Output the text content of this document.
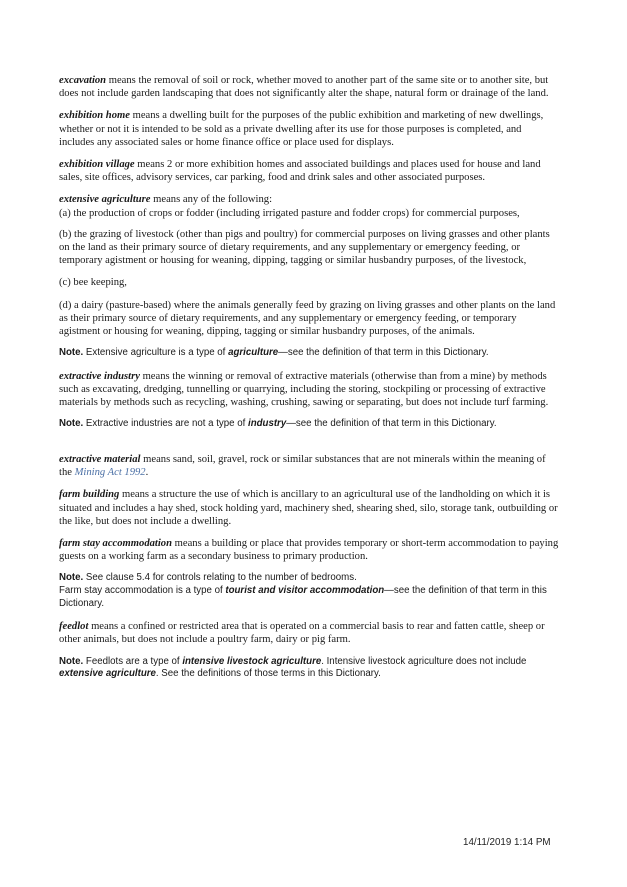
excavation means the removal of soil or rock, whether moved to another part of the same site or to another site, but does not include garden landscaping that does not significantly alter the shape, natural form or drainage of the land.

exhibition home means a dwelling built for the purposes of the public exhibition and marketing of new dwellings, whether or not it is intended to be sold as a private dwelling after its use for those purposes is completed, and includes any associated sales or home finance office or place used for displays.

exhibition village means 2 or more exhibition homes and associated buildings and places used for house and land sales, site offices, advisory services, car parking, food and drink sales and other associated purposes.

extensive agriculture means any of the following:

(a) the production of crops or fodder (including irrigated pasture and fodder crops) for commercial purposes,

(b) the grazing of livestock (other than pigs and poultry) for commercial purposes on living grasses and other plants on the land as their primary source of dietary requirements, and any supplementary or emergency feeding, or temporary agistment or housing for weaning, dipping, tagging or similar husbandry purposes, of the livestock,

(c) bee keeping,

(d) a dairy (pasture-based) where the animals generally feed by grazing on living grasses and other plants on the land as their primary source of dietary requirements, and any supplementary or emergency feeding, or temporary agistment or housing for weaning, dipping, tagging or similar husbandry purposes, of the animals.

Note. Extensive agriculture is a type of agriculture—see the definition of that term in this Dictionary.

extractive industry means the winning or removal of extractive materials (otherwise than from a mine) by methods such as excavating, dredging, tunnelling or quarrying, including the storing, stockpiling or processing of extractive materials by methods such as recycling, washing, crushing, sawing or separating, but does not include turf farming.

Note. Extractive industries are not a type of industry—see the definition of that term in this Dictionary.

extractive material means sand, soil, gravel, rock or similar substances that are not minerals within the meaning of the Mining Act 1992.

farm building means a structure the use of which is ancillary to an agricultural use of the landholding on which it is situated and includes a hay shed, stock holding yard, machinery shed, shearing shed, silo, storage tank, outbuilding or the like, but does not include a dwelling.

farm stay accommodation means a building or place that provides temporary or short-term accommodation to paying guests on a working farm as a secondary business to primary production.

Note. See clause 5.4 for controls relating to the number of bedrooms.
Farm stay accommodation is a type of tourist and visitor accommodation—see the definition of that term in this Dictionary.

feedlot means a confined or restricted area that is operated on a commercial basis to rear and fatten cattle, sheep or other animals, but does not include a poultry farm, dairy or pig farm.

Note. Feedlots are a type of intensive livestock agriculture. Intensive livestock agriculture does not include extensive agriculture. See the definitions of those terms in this Dictionary.

14/11/2019 1:14 PM
